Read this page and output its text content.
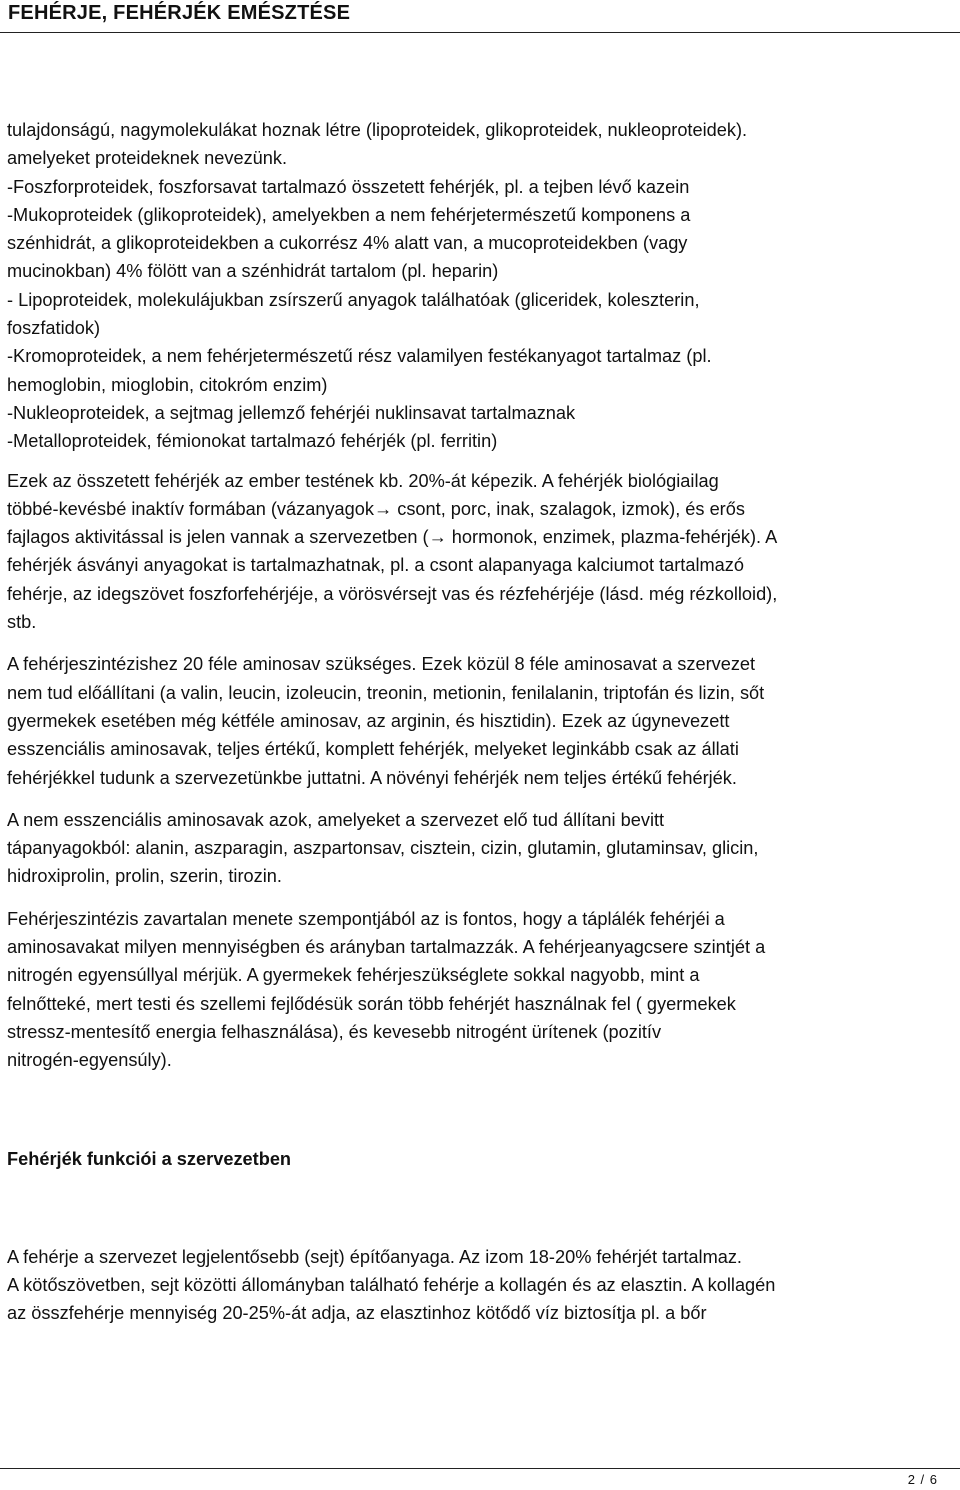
FEHÉRJE, FEHÉRJÉK EMÉSZTÉSE
tulajdonságú, nagymolekulákat hoznak létre (lipoproteidek, glikoproteidek, nukleoproteidek).
amelyeket proteideknek nevezünk.
-Foszforproteidek, foszforsavat tartalmazó összetett fehérjék, pl. a tejben lévő kazein
-Mukoproteidek (glikoproteidek), amelyekben a nem fehérjetermészetű komponens a
szénhidrát, a glikoproteidekben a cukorrész 4% alatt van, a mucoproteidekben (vagy
mucinokban) 4% fölött van a szénhidrát tartalom (pl. heparin)
- Lipoproteidek, molekulájukban zsírszerű anyagok találhatóak (gliceridek, koleszterin,
foszfatidok)
-Kromoproteidek, a nem fehérjetermészetű rész valamilyen festékanyagot tartalmaz (pl.
hemoglobin, mioglobin, citokróm enzim)
-Nukleoproteidek, a sejtmag jellemző fehérjéi nuklinsavat tartalmaznak
-Metalloproteidek, fémionokat tartalmazó fehérjék (pl. ferritin)
Ezek az összetett fehérjék az ember testének kb. 20%-át képezik. A fehérjék biológiailag
többé-kevésbé inaktív formában (vázanyagok→ csont, porc, inak, szalagok, izmok), és erős
fajlagos aktivitással is jelen vannak a szervezetben (→ hormonok, enzimek, plazma-fehérjék). A
fehérjék ásványi anyagokat is tartalmazhatnak, pl. a csont alapanyaga kalciumot tartalmazó
fehérje, az idegszövet foszforfehérjéje, a vörösvérsejt vas és rézfehérjéje (lásd. még rézkolloid),
stb.
A fehérjeszintézishez 20 féle aminosav szükséges. Ezek közül 8 féle aminosavat a szervezet
nem tud előállítani (a valin, leucin, izoleucin, treonin, metionin, fenilalanin, triptofán és lizin, sőt
gyermekek esetében még kétféle aminosav, az arginin, és hisztidin). Ezek az úgynevezett
esszenciális aminosavak, teljes értékű, komplett fehérjék, melyeket leginkább csak az állati
fehérjékkel tudunk a szervezetünkbe juttatni. A növényi fehérjék nem teljes értékű fehérjék.
A nem esszenciális aminosavak azok, amelyeket a szervezet elő tud állítani bevitt
tápanyagokból: alanin, aszparagin, aszpartonsav, cisztein, cizin, glutamin, glutaminsav, glicin,
hidroxiprolin, prolin, szerin, tirozin.
Fehérjeszintézis zavartalan menete szempontjából az is fontos, hogy a táplálék fehérjéi a
aminosavakat milyen mennyiségben és arányban tartalmazzák. A fehérjeanyagcsere szintjét a
nitrogén egyensúllyal mérjük. A gyermekek fehérjeszükséglete sokkal nagyobb, mint a
felnőtteké, mert testi és szellemi fejlődésük során több fehérjét használnak fel ( gyermekek
stressz-mentesítő energia felhasználása), és kevesebb nitrogént ürítenek (pozitív
nitrogén-egyensúly).
Fehérjék funkciói a szervezetben
A fehérje a szervezet legjelentősebb (sejt) építőanyaga. Az izom 18-20% fehérjét tartalmaz.
A kötőszövetben, sejt közötti állományban található fehérje a kollagén és az elasztin. A kollagén
az összfehérje mennyiség 20-25%-át adja, az elasztinhoz kötődő víz biztosítja pl. a bőr
2 / 6
